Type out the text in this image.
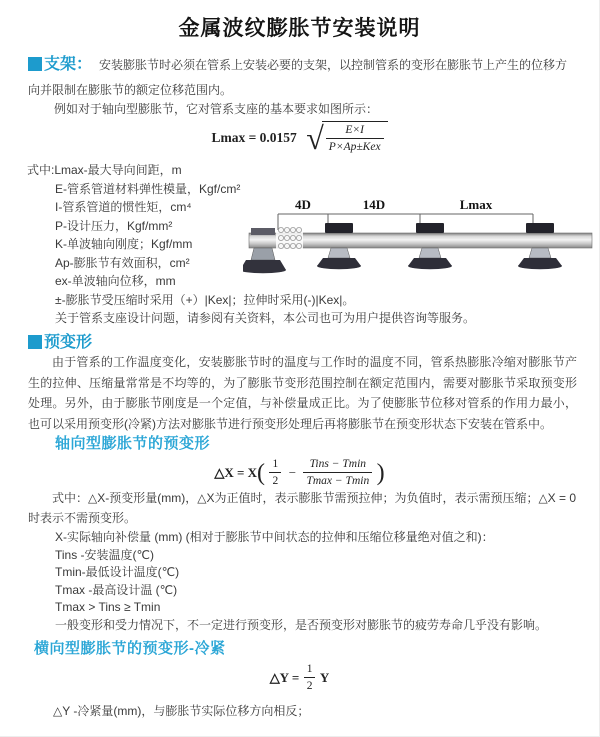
金属波纹膨胀节安装说明
支架： 安装膨胀节时必须在管系上安装必要的支架，以控制管系的变形在膨胀节上产生的位移方向并限制在膨胀节的额定位移范围内。
例如对于轴向型膨胀节，它对管系支座的基本要求如图所示：
Lmax = 0.0157 √ $\frac{E\times I}{\text{P×Ap±Kex}}$
式中:Lmax-最大导向间距，m
E-管系管道材料弹性模量，Kgf/cm²
I-管系管道的惯性矩，cm⁴
P-设计压力，Kgf/mm²
K-单波轴向刚度；Kgf/mm
Ap-膨胀节有效面积，cm²
ex-单波轴向位移，mm
±-膨胀节受压缩时采用（+）|Kex|；拉伸时采用(-)|Kex|。
关于管系支座设计问题，请参阅有关资料，本公司也可为用户提供咨询等服务。
4D	14D	Lmax
预变形
由于管系的工作温度变化，安装膨胀节时的温度与工作时的温度不同，管系热膨胀冷缩对膨胀节产生的拉伸、压缩量常常是不均等的，为了膨胀节变形范围控制在额定范围内，需要对膨胀节采取预变形处理。另外，由于膨胀节刚度是一个定值，与补偿量成正比。为了使膨胀节位移对管系的作用力最小，也可以采用预变形(冷紧)方法对膨胀节进行预变形处理后再将膨胀节在预变形状态下安装在管系中。
轴向型膨胀节的预变形
△X = $X( \frac{1}{2} - \frac{\text{Tins − Tmin}}{Tmax - Tmin}$ )
式中：△X-预变形量(mm)，△X为正值时，表示膨胀节需预拉伸；为负值时，表示需预压缩；△X = 0时表示不需预变形。
X-实际轴向补偿量 (mm) (相对于膨胀节中间状态的拉伸和压缩位移量绝对值之和)：
Tins -安装温度(℃)
Tmin-最低设计温度(℃)
Tmax -最高设计温 (℃)
Tmax > Tins ≥ Tmin
一般变形和受力情况下，不一定进行预变形，是否预变形对膨胀节的疲劳寿命几乎没有影响。
横向型膨胀节的预变形-冷紧
△Y = $\frac{1}{2}$ Y
△Y -冷紧量(mm)，与膨胀节实际位移方向相反；
